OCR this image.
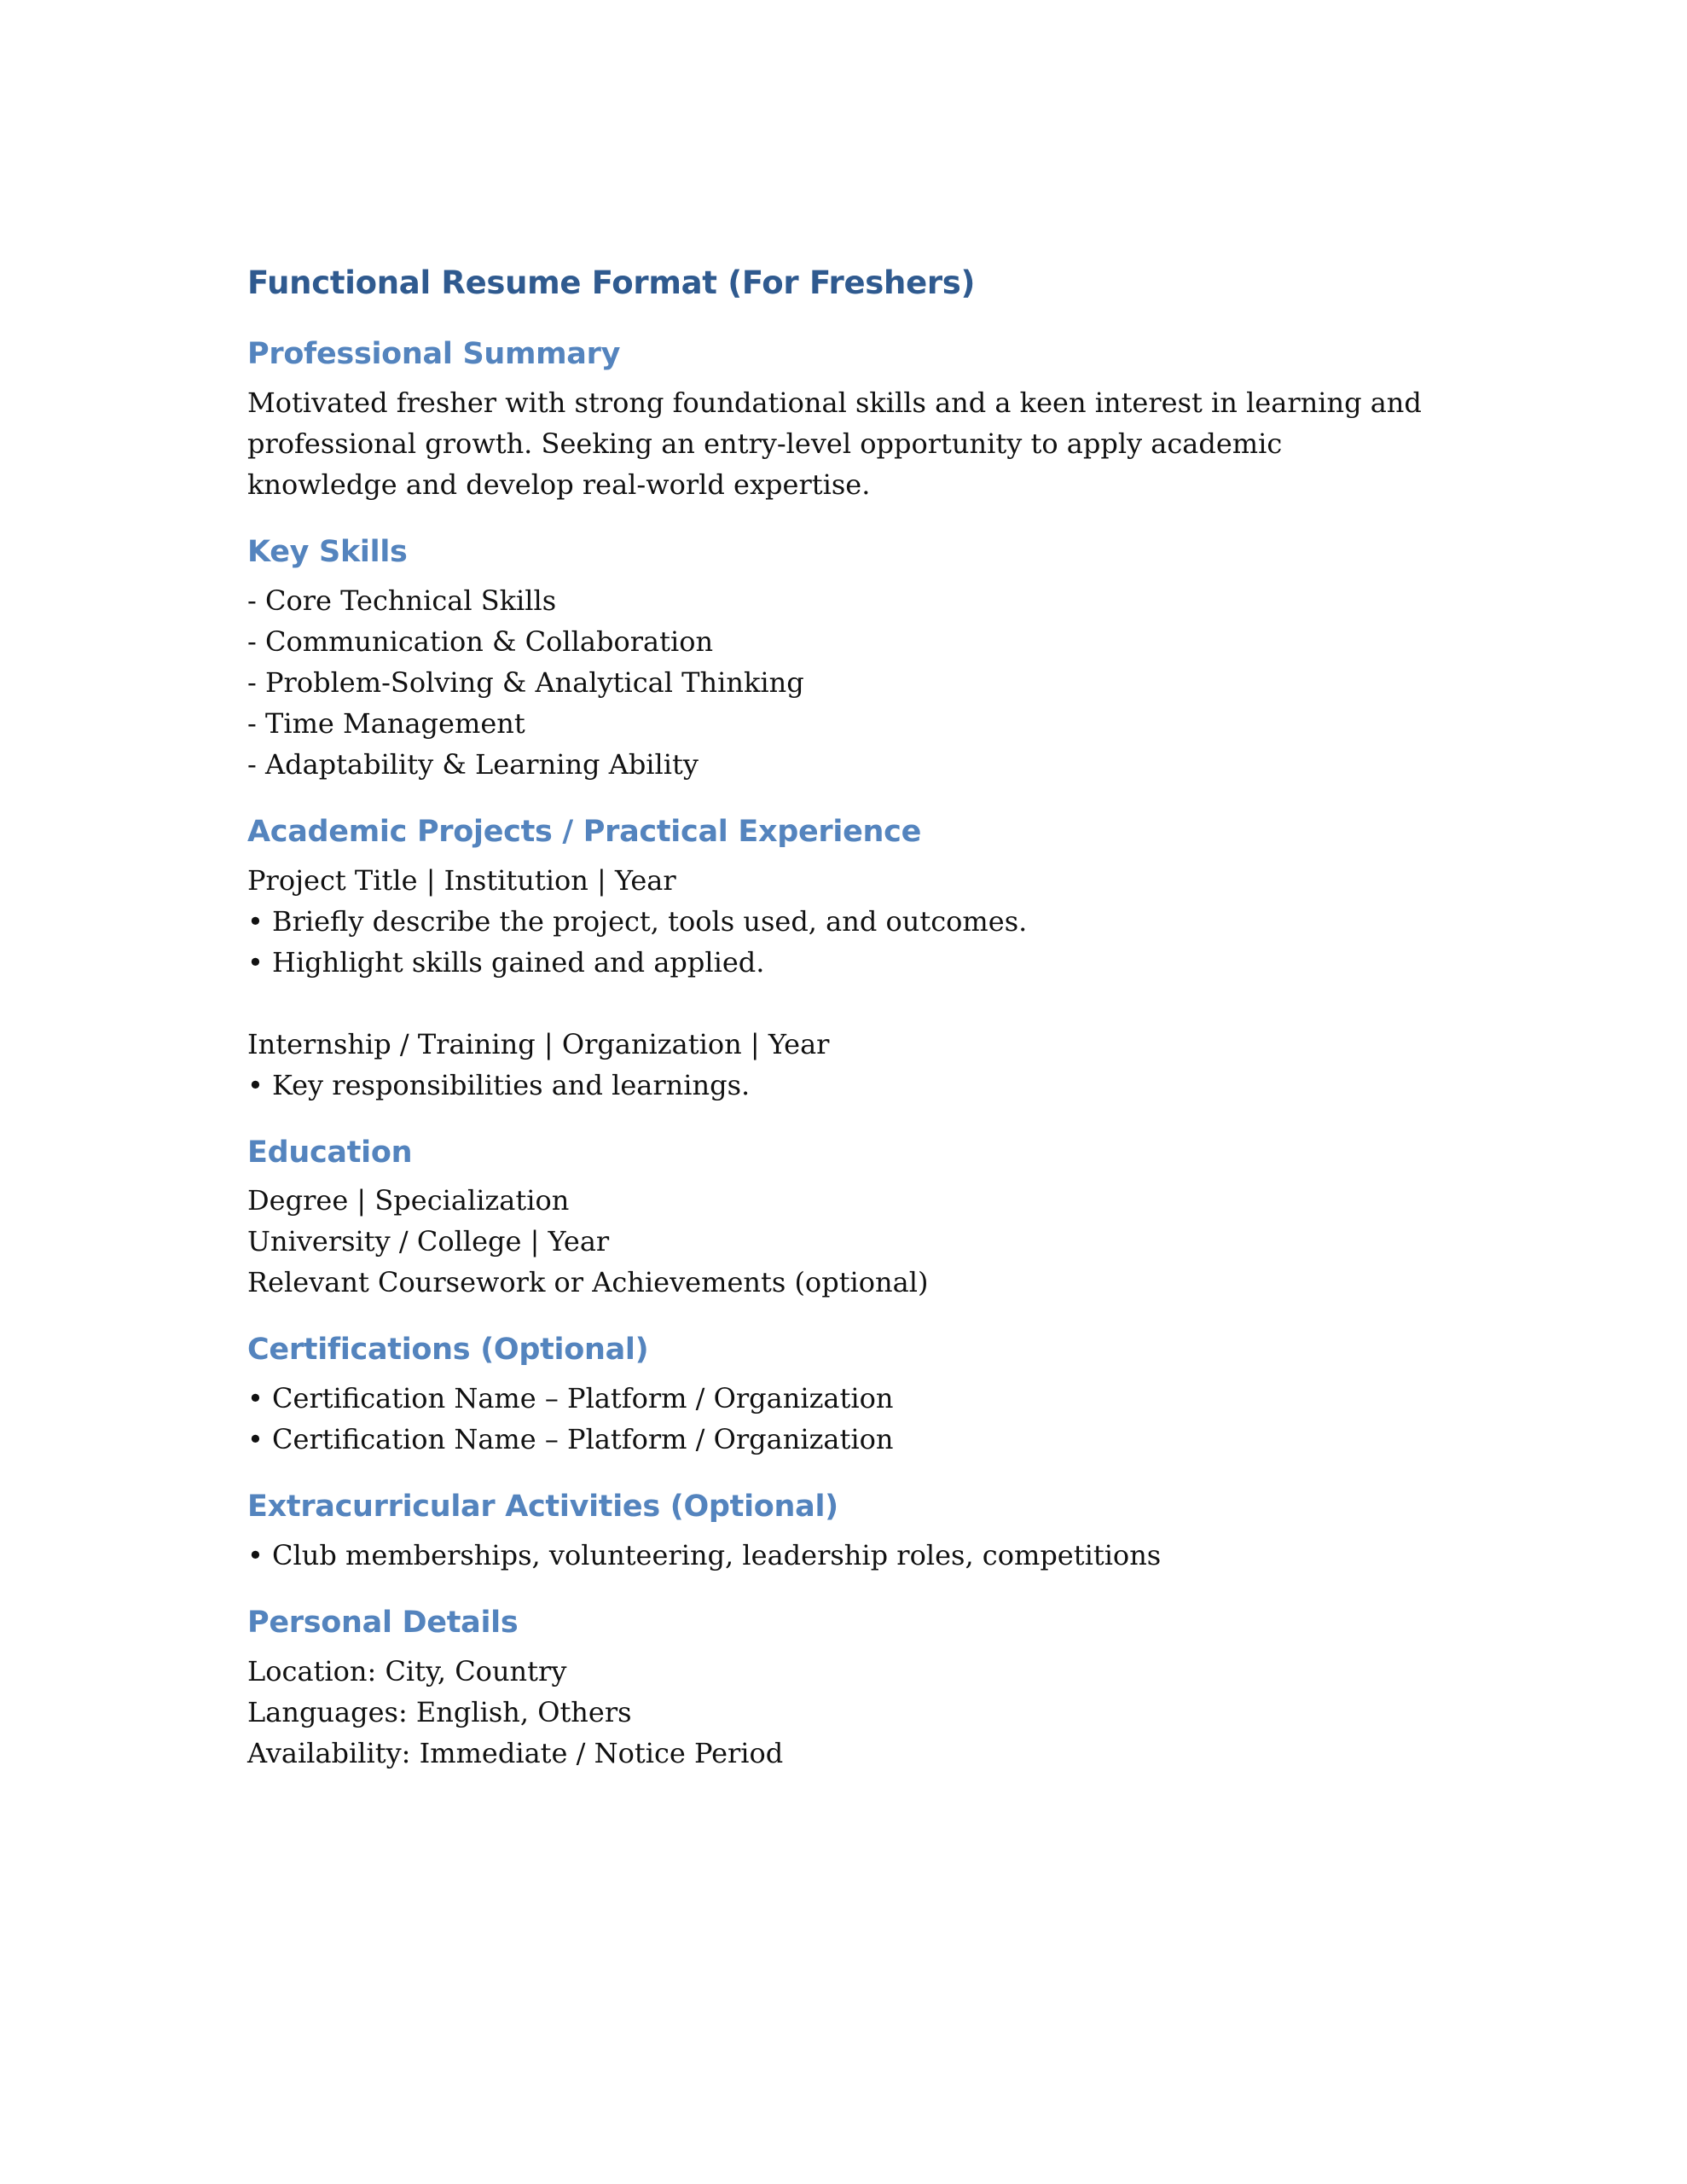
Functional Resume Format (For Freshers)
Professional Summary

Motivated fresher with strong foundational skills and a keen interest in learning and professional growth. Seeking an entry-level opportunity to apply academic knowledge and develop real-world expertise.

Key Skills

- Core Technical Skills

- Communication & Collaboration

- Problem-Solving & Analytical Thinking

- Time Management

- Adaptability & Learning Ability

Academic Projects / Practical Experience

Project Title | Institution | Year

• Briefly describe the project, tools used, and outcomes.

• Highlight skills gained and applied.

Internship / Training | Organization | Year

• Key responsibilities and learnings.

Education

Degree | Specialization

University / College | Year

Relevant Coursework or Achievements (optional)

Certifications (Optional)

• Certification Name – Platform / Organization

• Certification Name – Platform / Organization

Extracurricular Activities (Optional)

• Club memberships, volunteering, leadership roles, competitions

Personal Details

Location: City, Country

Languages: English, Others

Availability: Immediate / Notice Period
